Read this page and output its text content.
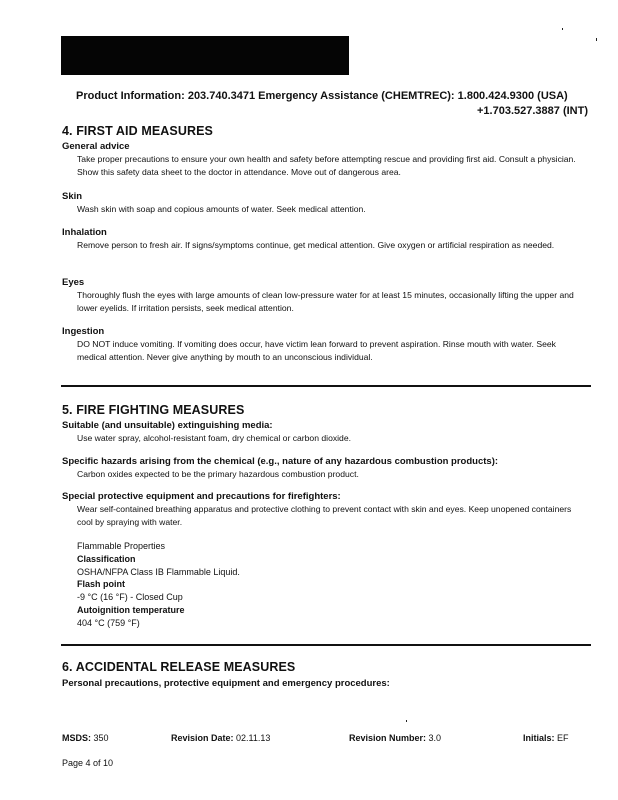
Product Information: 203.740.3471 Emergency Assistance (CHEMTREC): 1.800.424.9300 (USA)
+1.703.527.3887 (INT)
4. FIRST AID MEASURES
General advice
Take proper precautions to ensure your own health and safety before attempting rescue and providing first aid. Consult a physician. Show this safety data sheet to the doctor in attendance. Move out of dangerous area.
Skin
Wash skin with soap and copious amounts of water. Seek medical attention.
Inhalation
Remove person to fresh air. If signs/symptoms continue, get medical attention. Give oxygen or artificial respiration as needed.
Eyes
Thoroughly flush the eyes with large amounts of clean low-pressure water for at least 15 minutes, occasionally lifting the upper and lower eyelids. If irritation persists, seek medical attention.
Ingestion
DO NOT induce vomiting. If vomiting does occur, have victim lean forward to prevent aspiration. Rinse mouth with water. Seek medical attention. Never give anything by mouth to an unconscious individual.
5. FIRE FIGHTING MEASURES
Suitable (and unsuitable) extinguishing media:
Use water spray, alcohol-resistant foam, dry chemical or carbon dioxide.
Specific hazards arising from the chemical (e.g., nature of any hazardous combustion products):
Carbon oxides expected to be the primary hazardous combustion product.
Special protective equipment and precautions for firefighters:
Wear self-contained breathing apparatus and protective clothing to prevent contact with skin and eyes. Keep unopened containers cool by spraying with water.
Flammable Properties
Classification
OSHA/NFPA Class IB Flammable Liquid.
Flash point
-9 °C (16 °F) - Closed Cup
Autoignition temperature
404 °C (759 °F)
6. ACCIDENTAL RELEASE MEASURES
Personal precautions, protective equipment and emergency procedures:
MSDS: 350	Revision Date: 02.11.13	Revision Number: 3.0	Initials: EF
Page 4 of 10
